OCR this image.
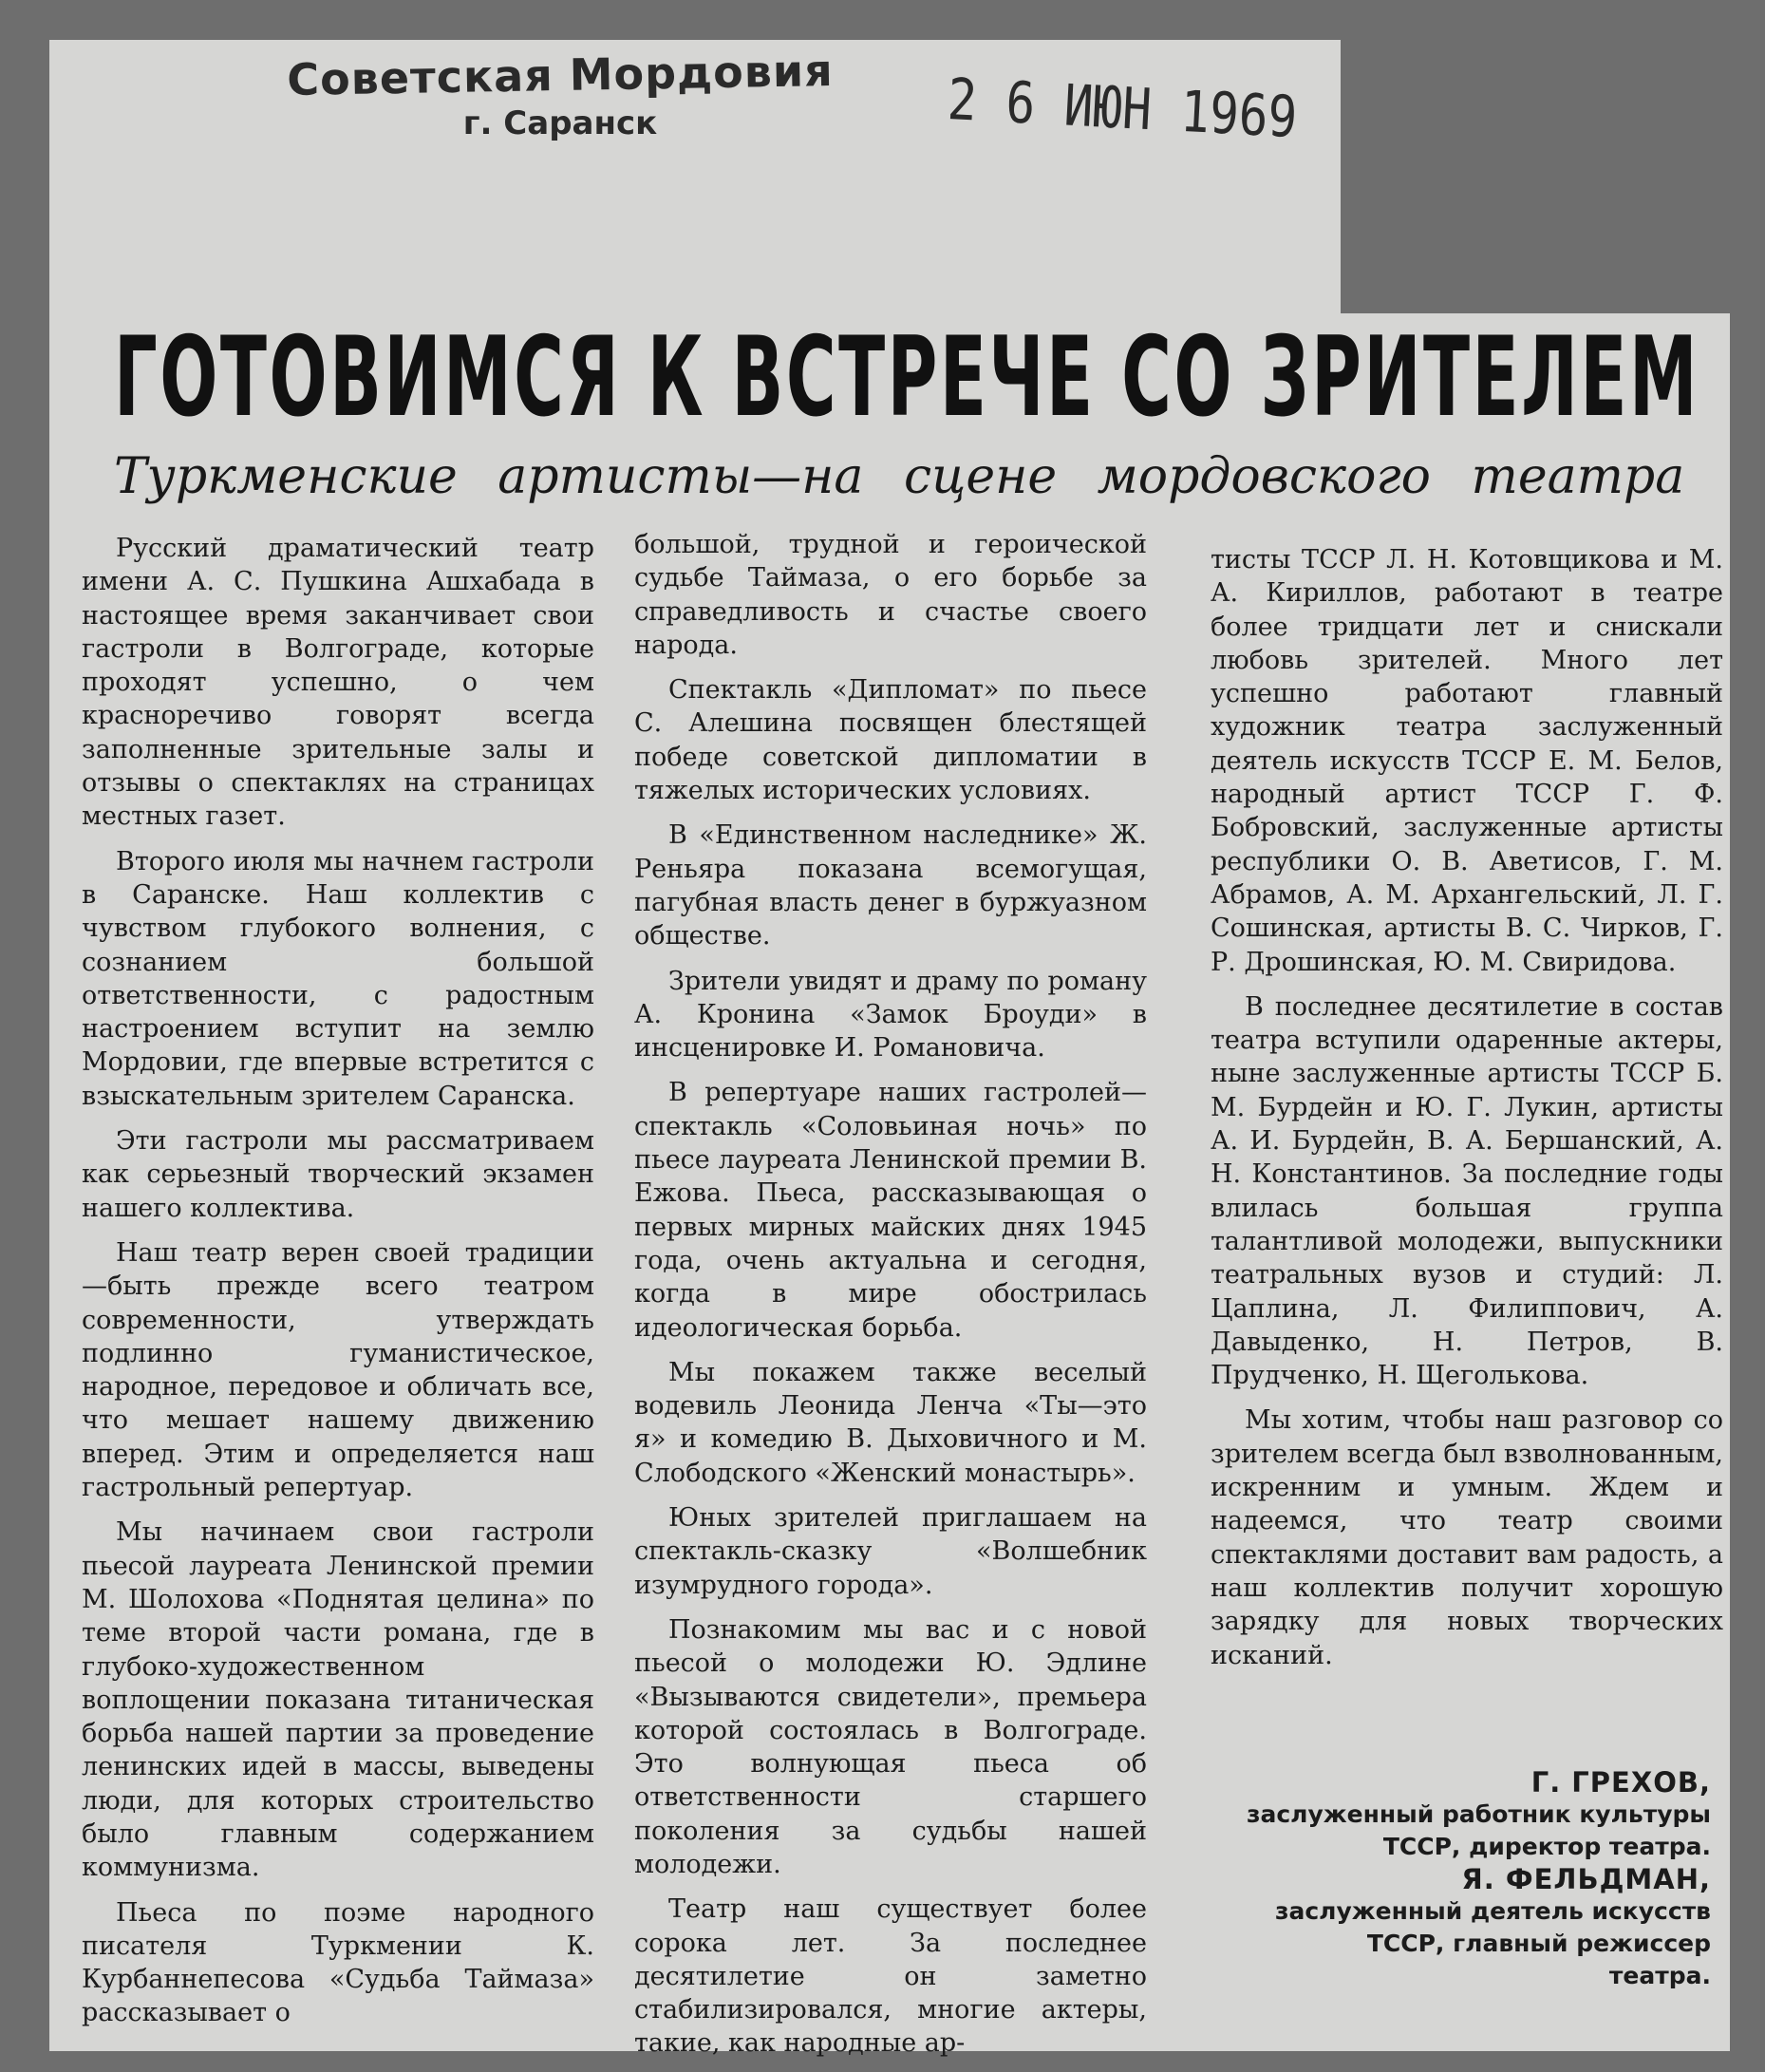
Советская Мордовия
г. Саранск	2 6 ИЮН 1969
ГОТОВИМСЯ К ВСТРЕЧЕ СО ЗРИТЕЛЕМ
Туркменские артисты—на сцене мордовского театра

Русский драматический театр имени А. С. Пушкина Ашхабада в настоящее время заканчивает свои гастроли в Волгограде, которые проходят успешно, о чем красноречиво говорят всегда заполненные зрительные залы и отзывы о спектаклях на страницах местных газет.

Второго июля мы начнем гастроли в Саранске. Наш коллектив с чувством глубокого волнения, с сознанием большой ответственности, с радостным настроением вступит на землю Мордовии, где впервые встретится с взыскательным зрителем Саранска.

Эти гастроли мы рассматриваем как серьезный творческий экзамен нашего коллектива.

Наш театр верен своей традиции—быть прежде всего театром современности, утверждать подлинно гуманистическое, народное, передовое и обличать все, что мешает нашему движению вперед. Этим и определяется наш гастрольный репертуар.

Мы начинаем свои гастроли пьесой лауреата Ленинской премии М. Шолохова «Поднятая целина» по теме второй части романа, где в глубоко-художественном воплощении показана титаническая борьба нашей партии за проведение ленинских идей в массы, выведены люди, для которых строительство было главным содержанием коммунизма.

Пьеса по поэме народного писателя Туркмении К. Курбаннепесова «Судьба Таймаза» рассказывает о

большой, трудной и героической судьбе Таймаза, о его борьбе за справедливость и счастье своего народа.

Спектакль «Дипломат» по пьесе С. Алешина посвящен блестящей победе советской дипломатии в тяжелых исторических условиях.

В «Единственном наследнике» Ж. Реньяра показана всемогущая, пагубная власть денег в буржуазном обществе.

Зрители увидят и драму по роману А. Кронина «Замок Броуди» в инсценировке И. Романовича.

В репертуаре наших гастролей—спектакль «Соловьиная ночь» по пьесе лауреата Ленинской премии В. Ежова. Пьеса, рассказывающая о первых мирных майских днях 1945 года, очень актуальна и сегодня, когда в мире обострилась идеологическая борьба.

Мы покажем также веселый водевиль Леонида Ленча «Ты—это я» и комедию В. Дыховичного и М. Слободского «Женский монастырь».

Юных зрителей приглашаем на спектакль-сказку «Волшебник изумрудного города».

Познакомим мы вас и с новой пьесой о молодежи Ю. Эдлине «Вызываются свидетели», премьера которой состоялась в Волгограде. Это волнующая пьеса об ответственности старшего поколения за судьбы нашей молодежи.

Театр наш существует более сорока лет. За последнее десятилетие он заметно стабилизировался, многие актеры, такие, как народные ар-

тисты ТССР Л. Н. Котовщикова и М. А. Кириллов, работают в театре более тридцати лет и снискали любовь зрителей. Много лет успешно работают главный художник театра заслуженный деятель искусств ТССР Е. М. Белов, народный артист ТССР Г. Ф. Бобровский, заслуженные артисты республики О. В. Аветисов, Г. М. Абрамов, А. М. Архангельский, Л. Г. Сошинская, артисты В. С. Чирков, Г. Р. Дрошинская, Ю. М. Свиридова.

В последнее десятилетие в состав театра вступили одаренные актеры, ныне заслуженные артисты ТССР Б. М. Бурдейн и Ю. Г. Лукин, артисты А. И. Бурдейн, В. А. Бершанский, А. Н. Константинов. За последние годы влилась большая группа талантливой молодежи, выпускники театральных вузов и студий: Л. Цаплина, Л. Филиппович, А. Давыденко, Н. Петров, В. Прудченко, Н. Щеголькова.

Мы хотим, чтобы наш разговор со зрителем всегда был взволнованным, искренним и умным. Ждем и надеемся, что театр своими спектаклями доставит вам радость, а наш коллектив получит хорошую зарядку для новых творческих исканий.

Г. ГРЕХОВ,
заслуженный работник культуры
ТССР, директор театра.
Я. ФЕЛЬДМАН,
заслуженный деятель искусств
ТССР, главный режиссер
театра.
